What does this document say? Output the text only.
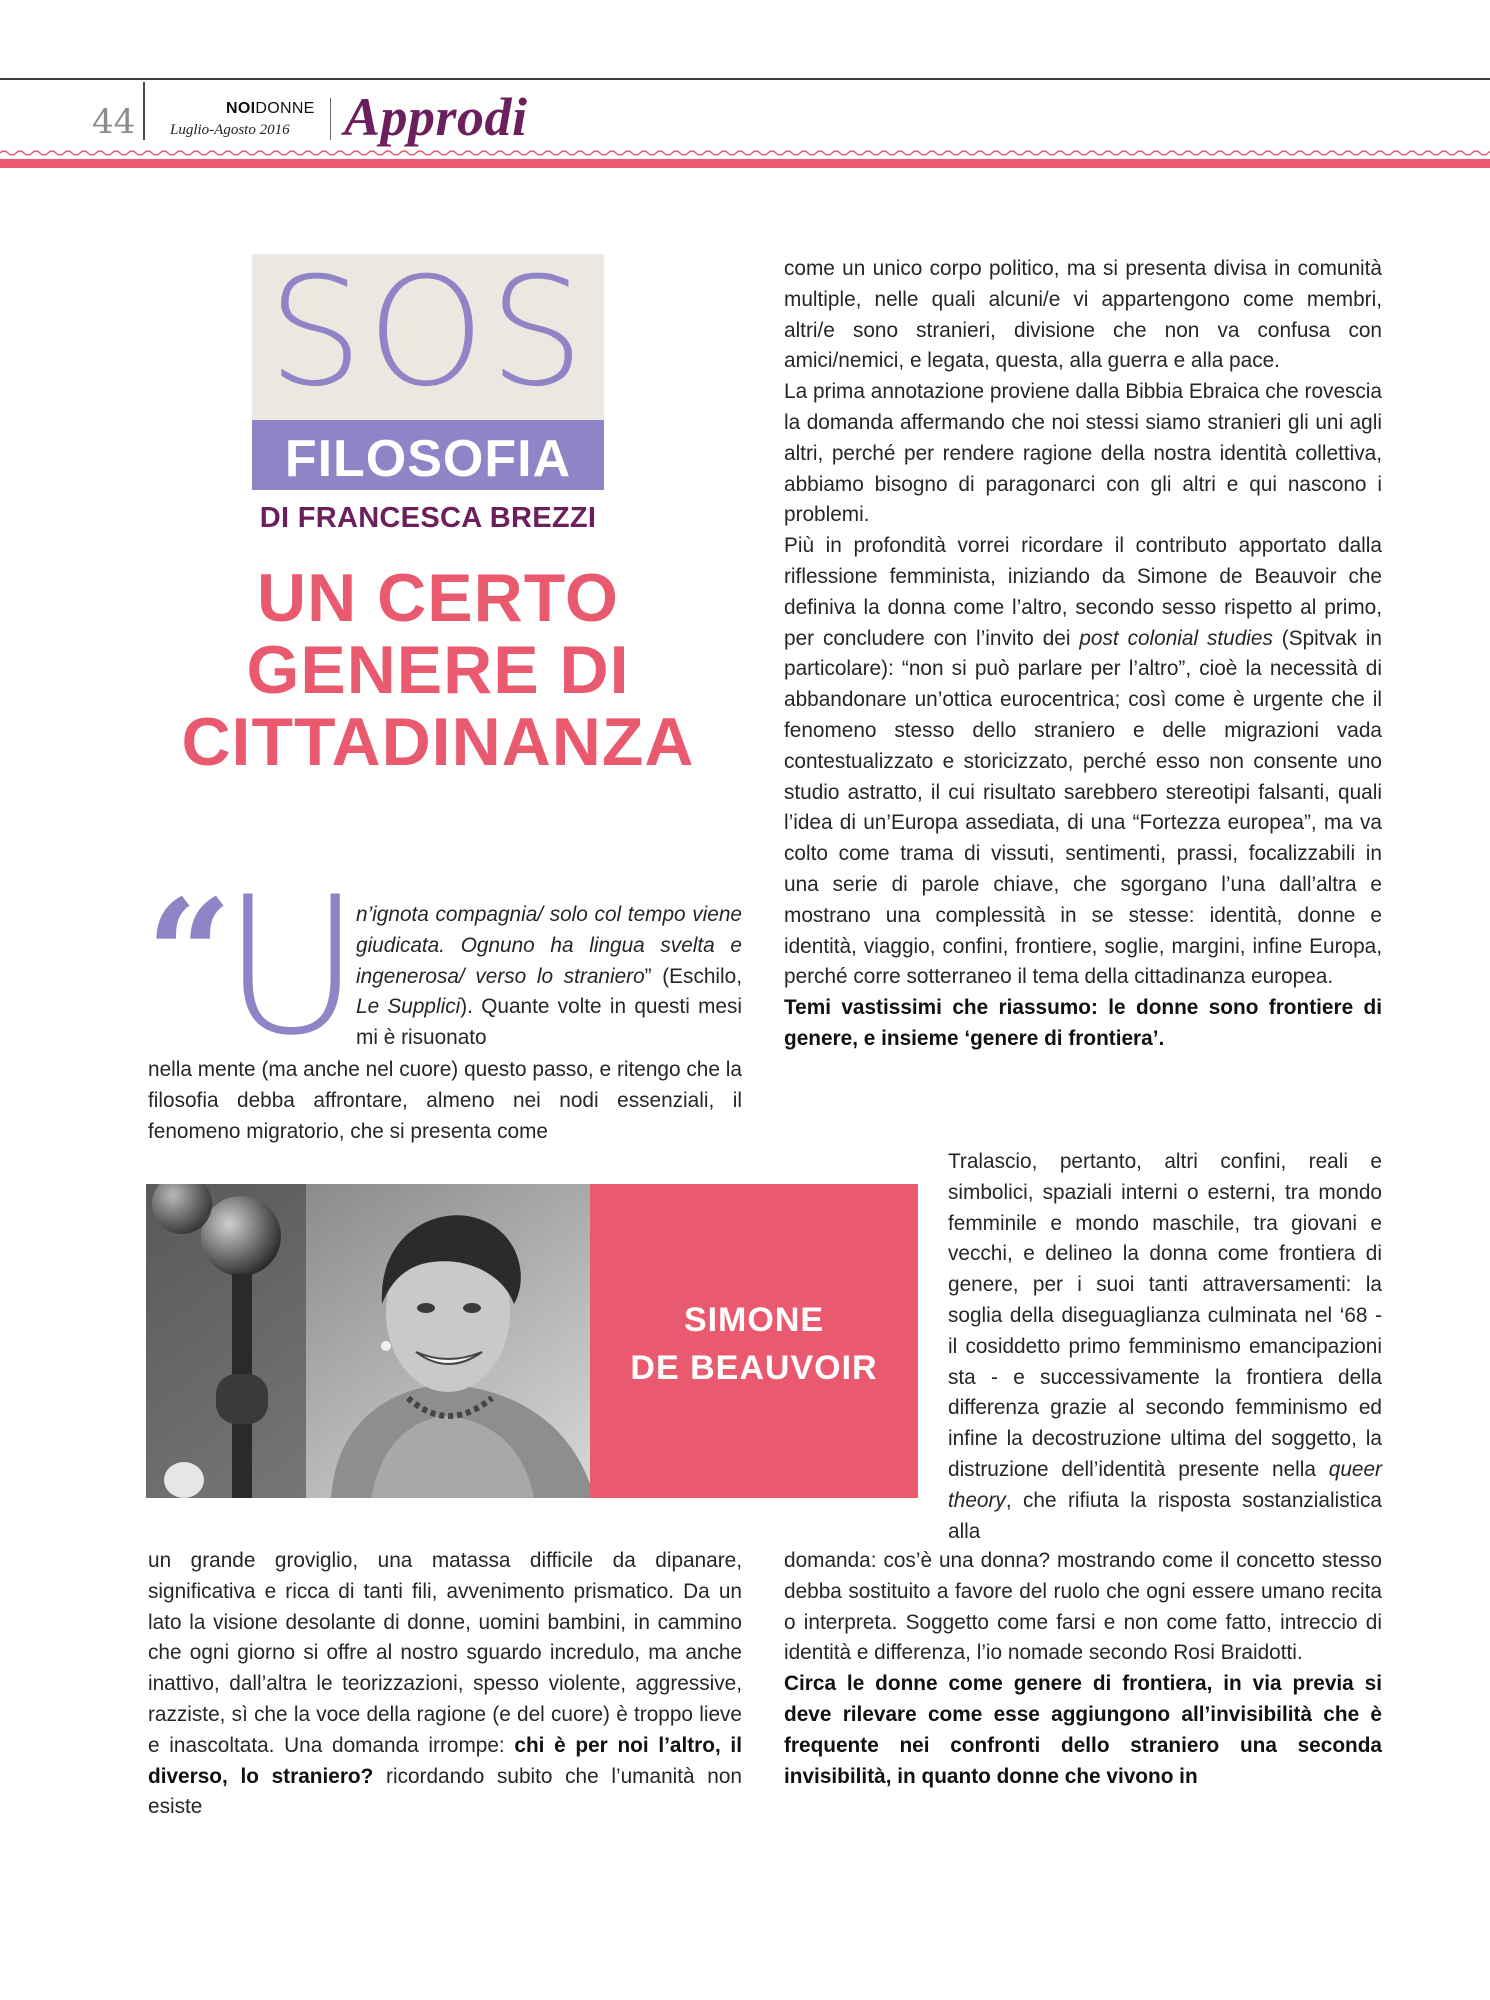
44	NOIDONNE
Luglio-Agosto 2016 Approdi
SOS
FILOSOFIA
DI FRANCESCA BREZZI
UN CERTO
GENERE DI
CITTADINANZA
come un unico corpo politico, ma si presenta divisa in comunità multiple, nelle quali alcuni/e vi appartengono come membri, altri/e sono stranieri, divisione che non va confusa con amici/nemici, e legata, questa, alla guerra e alla pace.
La prima annotazione proviene dalla Bibbia Ebraica che rovescia la domanda affermando che noi stessi siamo stranieri gli uni agli altri, perché per rendere ragione della nostra identità collettiva, abbiamo bisogno di paragonarci con gli altri e qui nascono i problemi.
Più in profondità vorrei ricordare il contributo apportato dalla riflessione femminista, iniziando da Simone de Beauvoir che definiva la donna come l’altro, secondo sesso rispetto al primo, per concludere con l’invito dei post colonial studies (Spitvak in particolare): “non si può parlare per l’altro”, cioè la necessità di abbandonare un’ottica eurocentrica; così come è urgente che il fenomeno stesso dello straniero e delle migrazioni vada contestualizzato e storicizzato, perché esso non consente uno studio astratto, il cui risultato sarebbero stereotipi falsanti, quali l’idea di un’Europa assediata, di una “Fortezza europea”, ma va colto come trama di vissuti, sentimenti, prassi, focalizzabili in una serie di parole chiave, che sgorgano l’una dall’altra e mostrano una complessità in se stesse: identità, donne e identità, viaggio, confini, frontiere, soglie, margini, infine Europa, perché corre sotterraneo il tema della cittadinanza europea.
Temi vastissimi che riassumo: le donne sono frontiere di genere, e insieme ‘genere di frontiera’.
“
U
n’ignota compagnia/ solo col tempo viene giudicata. Ognuno ha lingua svelta e ingenerosa/ verso lo straniero” (Eschilo, Le Supplici). Quante volte in questi mesi mi è risuonato
nella mente (ma anche nel cuore) questo passo, e ritengo che la filosofia debba affrontare, almeno nei nodi essenziali, il fenomeno migratorio, che si presenta come
SIMONE
DE BEAUVOIR
Tralascio, pertanto, altri confini, reali e simbolici, spaziali interni o esterni, tra mondo femminile e mondo maschile, tra giovani e vecchi, e delineo la donna come frontiera di genere, per i suoi tanti attraversamenti: la soglia della diseguaglianza culminata nel ‘68 - il cosiddetto primo femminismo emancipazioni sta - e successivamente la frontiera della differenza grazie al secondo femminismo ed infine la decostruzione ultima del soggetto, la distruzione dell’identità presente nella queer theory, che rifiuta la risposta sostanzialistica alla
un grande groviglio, una matassa difficile da dipanare, significativa e ricca di tanti fili, avvenimento prismatico. Da un lato la visione desolante di donne, uomini bambini, in cammino che ogni giorno si offre al nostro sguardo incredulo, ma anche inattivo, dall’altra le teorizzazioni, spesso violente, aggressive, razziste, sì che la voce della ragione (e del cuore) è troppo lieve e inascoltata. Una domanda irrompe: chi è per noi l’altro, il diverso, lo straniero? ricordando subito che l’umanità non esiste
domanda: cos’è una donna? mostrando come il concetto stesso debba sostituito a favore del ruolo che ogni essere umano recita o interpreta. Soggetto come farsi e non come fatto, intreccio di identità e differenza, l’io nomade secondo Rosi Braidotti.
Circa le donne come genere di frontiera, in via previa si deve rilevare come esse aggiungono all’invisibilità che è frequente nei confronti dello straniero una seconda invisibilità, in quanto donne che vivono in
